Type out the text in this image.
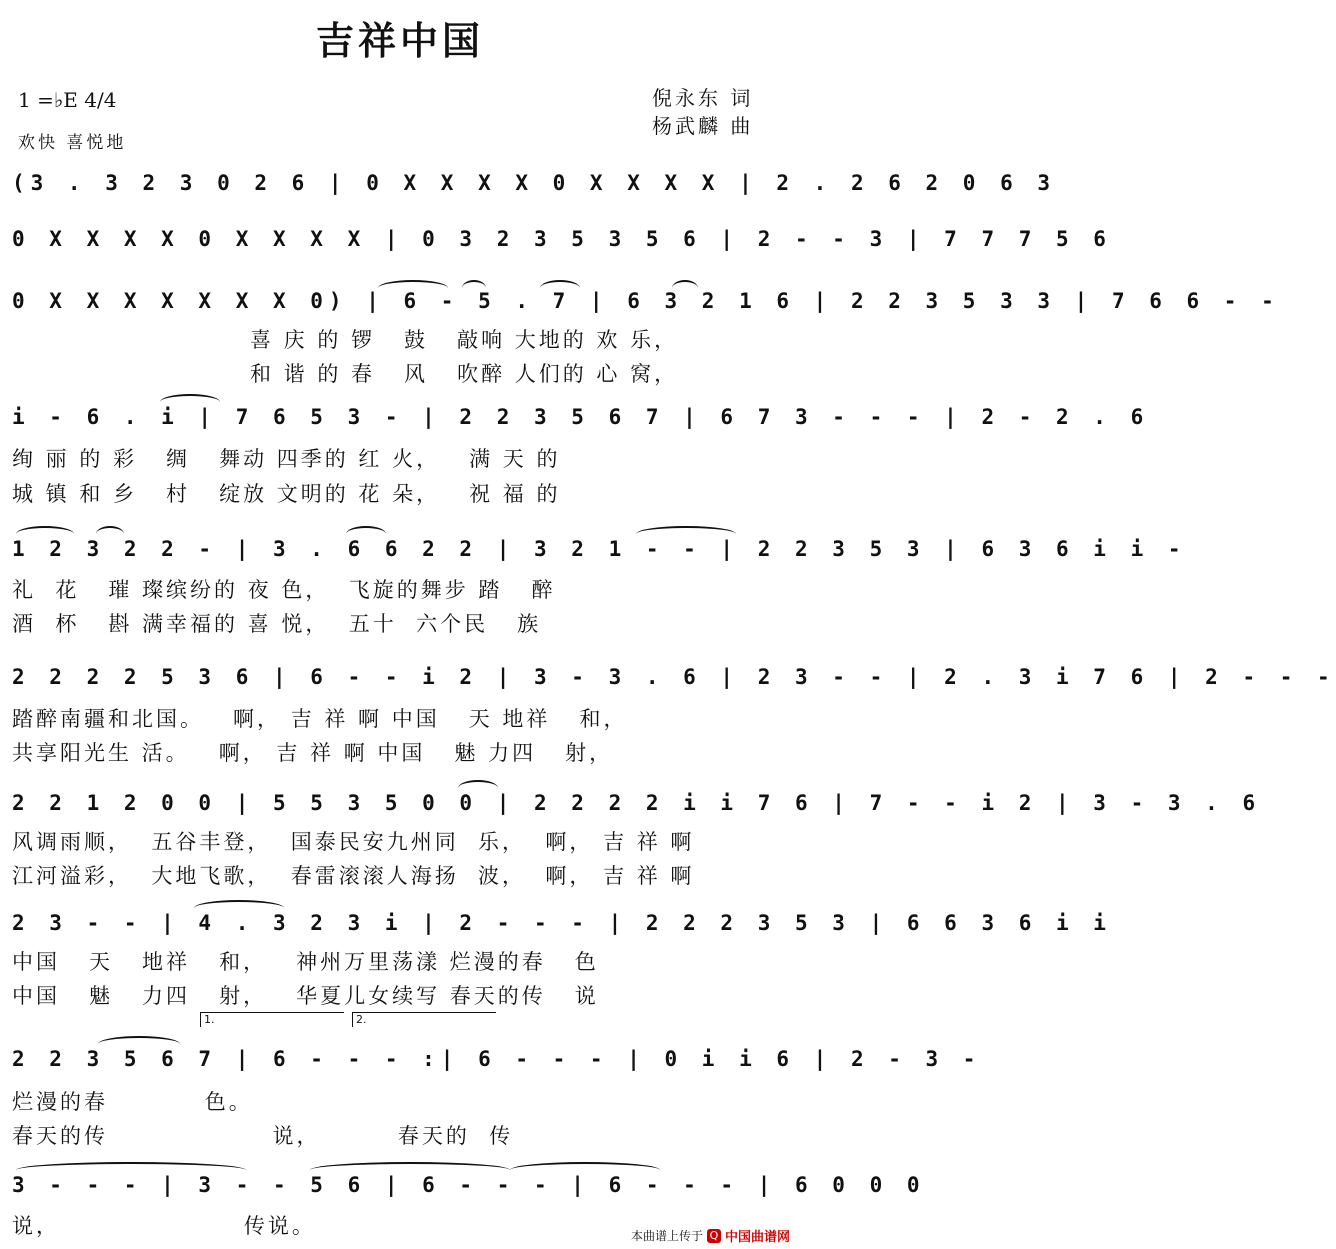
吉祥中国
1 =♭E 4/4
欢快 喜悦地
倪永东 词
杨武麟 曲
(3 . 3 2 3 0 2 6 | 0 X X X X 0 X X X X | 2 . 2 6 2 0 6 3
0 X X X X 0 X X X X | 0 3 2 3 5 3 5 6 | 2 - - 3 | 7 7 7 5 6
0 X X X X X X X 0) | 6 - 5 . 7 | 6 3 2 1 6 | 2 2 3 5 3 3 | 7 6 6 - -
喜 庆 的 锣   鼓   敲响 大地的 欢 乐，
和 谐 的 春   风   吹醉 人们的 心 窝，
i - 6 . i | 7 6 5 3 - | 2 2 3 5 6 7 | 6 7 3 - - - | 2 - 2 . 6
绚 丽 的 彩   绸   舞动 四季的 红 火，   满 天 的
城 镇 和 乡   村   绽放 文明的 花 朵，   祝 福 的
1 2 3 2 2 - | 3 . 6 6 2 2 | 3 2 1 - - | 2 2 3 5 3 | 6 3 6 i i -
礼  花   璀 璨缤纷的 夜 色，  飞旋的舞步 踏   醉
酒  杯   斟 满幸福的 喜 悦，  五十  六个民   族
2 2 2 2 5 3 6 | 6 - - i 2 | 3 - 3 . 6 | 2 3 - - | 2 . 3 i 7 6 | 2 - - -
踏醉南疆和北国。   啊， 吉 祥 啊 中国   天 地祥   和，
共享阳光生 活。   啊， 吉 祥 啊 中国   魅 力四   射，
2 2 1 2 0 0 | 5 5 3 5 0 0 | 2 2 2 2 i i 7 6 | 7 - - i 2 | 3 - 3 . 6
风调雨顺，  五谷丰登，  国泰民安九州同  乐，  啊， 吉 祥 啊
江河溢彩，  大地飞歌，  春雷滚滚人海扬  波，  啊， 吉 祥 啊
2 3 - - | 4 . 3 2 3 i | 2 - - - | 2 2 2 3 5 3 | 6 6 3 6 i i
中国   天   地祥   和，   神州万里荡漾 烂漫的春   色
中国   魅   力四   射，   华夏儿女续写 春天的传   说
1.	2.
2 2 3 5 6 7 | 6 - - - :| 6 - - - | 0 i i 6 | 2 - 3 -
烂漫的春          色。
春天的传                 说，        春天的  传
3 - - - | 3 - - 5 6 | 6 - - - | 6 - - - | 6 0 0 0
说，                   传说。	本曲谱上传于 Q 中国曲谱网
